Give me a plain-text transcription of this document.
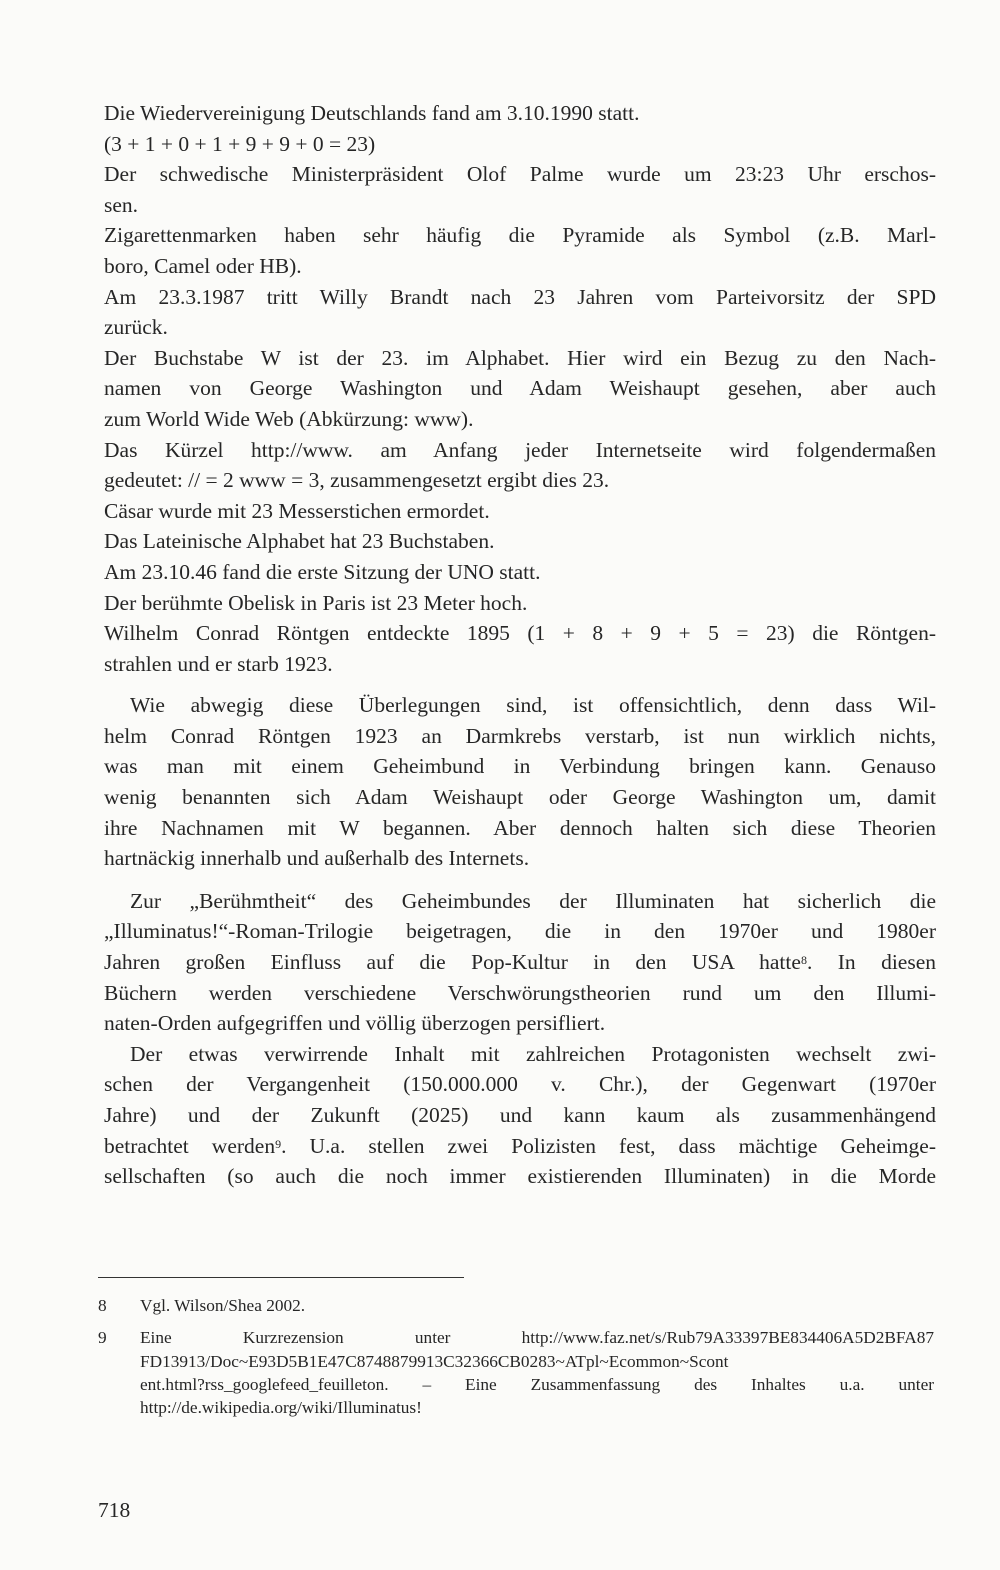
Die Wiedervereinigung Deutschlands fand am 3.10.1990 statt.
(3 + 1 + 0 + 1 + 9 + 9 + 0 = 23)
Der schwedische Ministerpräsident Olof Palme wurde um 23:23 Uhr erschos-
sen.
Zigarettenmarken haben sehr häufig die Pyramide als Symbol (z.B. Marl-
boro, Camel oder HB).
Am 23.3.1987 tritt Willy Brandt nach 23 Jahren vom Parteivorsitz der SPD
zurück.
Der Buchstabe W ist der 23. im Alphabet. Hier wird ein Bezug zu den Nach-
namen von George Washington und Adam Weishaupt gesehen, aber auch
zum World Wide Web (Abkürzung: www).
Das Kürzel http://www. am Anfang jeder Internetseite wird folgendermaßen
gedeutet: // = 2 www = 3, zusammengesetzt ergibt dies 23.
Cäsar wurde mit 23 Messerstichen ermordet.
Das Lateinische Alphabet hat 23 Buchstaben.
Am 23.10.46 fand die erste Sitzung der UNO statt.
Der berühmte Obelisk in Paris ist 23 Meter hoch.
Wilhelm Conrad Röntgen entdeckte 1895 (1 + 8 + 9 + 5 = 23) die Röntgen-
strahlen und er starb 1923.
Wie abwegig diese Überlegungen sind, ist offensichtlich, denn dass Wil-
helm Conrad Röntgen 1923 an Darmkrebs verstarb, ist nun wirklich nichts,
was man mit einem Geheimbund in Verbindung bringen kann. Genauso
wenig benannten sich Adam Weishaupt oder George Washington um, damit
ihre Nachnamen mit W begannen. Aber dennoch halten sich diese Theorien
hartnäckig innerhalb und außerhalb des Internets.
Zur „Berühmtheit“ des Geheimbundes der Illuminaten hat sicherlich die
„Illuminatus!“-Roman-Trilogie beigetragen, die in den 1970er und 1980er
Jahren großen Einfluss auf die Pop-Kultur in den USA hatte$^8$. In diesen
Büchern werden verschiedene Verschwörungstheorien rund um den Illumi-
naten-Orden aufgegriffen und völlig überzogen persifliert.
Der etwas verwirrende Inhalt mit zahlreichen Protagonisten wechselt zwi-
schen der Vergangenheit (150.000.000 v. Chr.), der Gegenwart (1970er
Jahre) und der Zukunft (2025) und kann kaum als zusammenhängend
betrachtet werden$^9$. U.a. stellen zwei Polizisten fest, dass mächtige Geheimge-
sellschaften (so auch die noch immer existierenden Illuminaten) in die Morde
8 Vgl. Wilson/Shea 2002.
9 Eine Kurzrezension unter http://www.faz.net/s/Rub79A33397BE834406A5D2BFA87
FD13913/Doc~E93D5B1E47C8748879913C32366CB0283~ATpl~Ecommon~Scont
ent.html?rss_googlefeed_feuilleton. – Eine Zusammenfassung des Inhaltes u.a. unter
http://de.wikipedia.org/wiki/Illuminatus!
718
